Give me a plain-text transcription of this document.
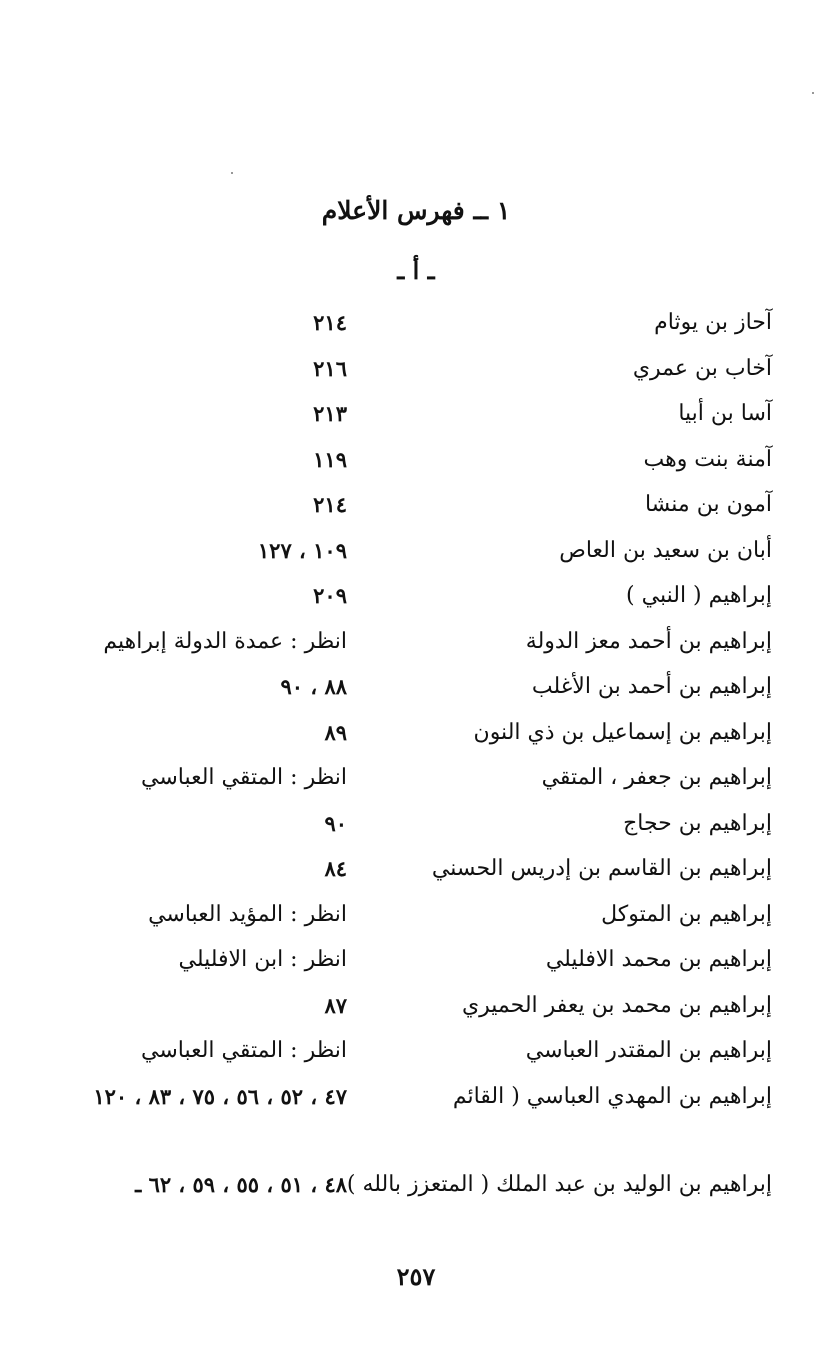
١ ــ فهرس الأعلام
ـ أ ـ
آحاز بن يوثام
٢١٤
آخاب بن عمري
٢١٦
آسا بن أبيا
٢١٣
آمنة بنت وهب
١١٩
آمون بن منشا
٢١٤
أبان بن سعيد بن العاص
١٠٩ ، ١٢٧
إبراهيم ( النبي )
٢٠٩
إبراهيم بن أحمد معز الدولة
انظر : عمدة الدولة إبراهيم
إبراهيم بن أحمد بن الأغلب
٨٨ ، ٩٠
إبراهيم بن إسماعيل بن ذي النون
٨٩
إبراهيم بن جعفر ، المتقي
انظر : المتقي العباسي
إبراهيم بن حجاج
٩٠
إبراهيم بن القاسم بن إدريس الحسني
٨٤
إبراهيم بن المتوكل
انظر : المؤيد العباسي
إبراهيم بن محمد الافليلي
انظر : ابن الافليلي
إبراهيم بن محمد بن يعفر الحميري
٨٧
إبراهيم بن المقتدر العباسي
انظر : المتقي العباسي
إبراهيم بن المهدي العباسي ( القائم
٤٧ ، ٥٢ ، ٥٦ ، ٧٥ ، ٨٣ ، ١٢٠
إبراهيم بن الوليد بن عبد الملك ( المتعزز بالله )
٤٨ ، ٥١ ، ٥٥ ، ٥٩ ، ٦٢ ـ
٢٥٧
